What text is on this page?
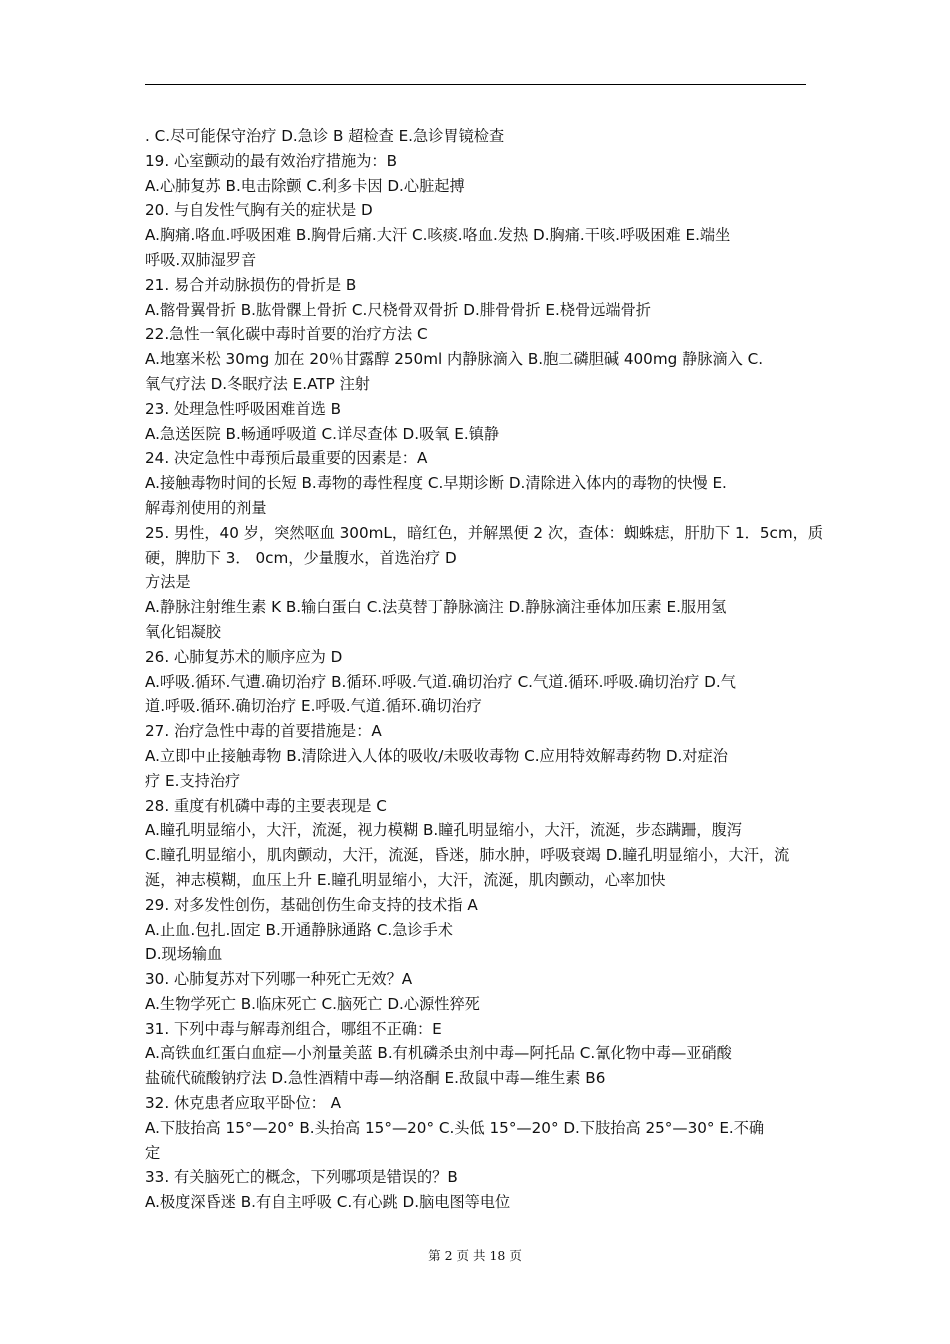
. C.尽可能保守治疗 D.急诊 B 超检查 E.急诊胃镜检查
19. 心室颤动的最有效治疗措施为：B
A.心肺复苏 B.电击除颤 C.利多卡因 D.心脏起搏
20. 与自发性气胸有关的症状是 D
A.胸痛.咯血.呼吸困难 B.胸骨后痛.大汗 C.咳痰.咯血.发热 D.胸痛.干咳.呼吸困难 E.端坐
呼吸.双肺湿罗音
21. 易合并动脉损伤的骨折是 B
A.髂骨翼骨折 B.肱骨髁上骨折 C.尺桡骨双骨折 D.腓骨骨折 E.桡骨远端骨折
22.急性一氧化碳中毒时首要的治疗方法 C
A.地塞米松 30mg 加在 20％甘露醇 250ml 内静脉滴入 B.胞二磷胆碱 400mg 静脉滴入 C.
氧气疗法 D.冬眠疗法 E.ATP 注射
23. 处理急性呼吸困难首选 B
A.急送医院 B.畅通呼吸道 C.详尽查体 D.吸氧 E.镇静
24. 决定急性中毒预后最重要的因素是：A
A.接触毒物时间的长短 B.毒物的毒性程度 C.早期诊断 D.清除进入体内的毒物的快慢 E.
解毒剂使用的剂量
25. 男性，40 岁，突然呕血 300mL，暗红色，并解黑便 2 次，查体：蜘蛛痣，肝肋下 1．5cm，质
硬，脾肋下 3． 0cm，少量腹水，首选治疗 D
方法是
A.静脉注射维生素 K B.输白蛋白 C.法莫替丁静脉滴注 D.静脉滴注垂体加压素 E.服用氢
氧化铝凝胶
26. 心肺复苏术的顺序应为 D
A.呼吸.循环.气遭.确切治疗 B.循环.呼吸.气道.确切治疗 C.气道.循环.呼吸.确切治疗 D.气
道.呼吸.循环.确切治疗 E.呼吸.气道.循环.确切治疗
27. 治疗急性中毒的首要措施是：A
A.立即中止接触毒物 B.清除进入人体的吸收/未吸收毒物 C.应用特效解毒药物 D.对症治
疗 E.支持治疗
28. 重度有机磷中毒的主要表现是 C
A.瞳孔明显缩小，大汗，流涎，视力模糊 B.瞳孔明显缩小，大汗，流涎，步态蹒跚，腹泻
C.瞳孔明显缩小，肌肉颤动，大汗，流涎，昏迷，肺水肿，呼吸衰竭 D.瞳孔明显缩小，大汗，流
涎，神志模糊，血压上升 E.瞳孔明显缩小，大汗，流涎，肌肉颤动，心率加快
29. 对多发性创伤，基础创伤生命支持的技术指 A
A.止血.包扎.固定 B.开通静脉通路 C.急诊手术
D.现场输血
30. 心肺复苏对下列哪一种死亡无效？A
A.生物学死亡 B.临床死亡 C.脑死亡 D.心源性猝死
31. 下列中毒与解毒剂组合，哪组不正确：E
A.高铁血红蛋白血症—小剂量美蓝 B.有机磷杀虫剂中毒—阿托品 C.氰化物中毒—亚硝酸
盐硫代硫酸钠疗法 D.急性酒精中毒—纳洛酮 E.敌鼠中毒—维生素 B6
32. 休克患者应取平卧位： A
A.下肢抬高 15°—20° B.头抬高 15°—20° C.头低 15°—20° D.下肢抬高 25°—30° E.不确
定
33. 有关脑死亡的概念，下列哪项是错误的？B
A.极度深昏迷 B.有自主呼吸 C.有心跳 D.脑电图等电位
第 2 页 共 18 页
